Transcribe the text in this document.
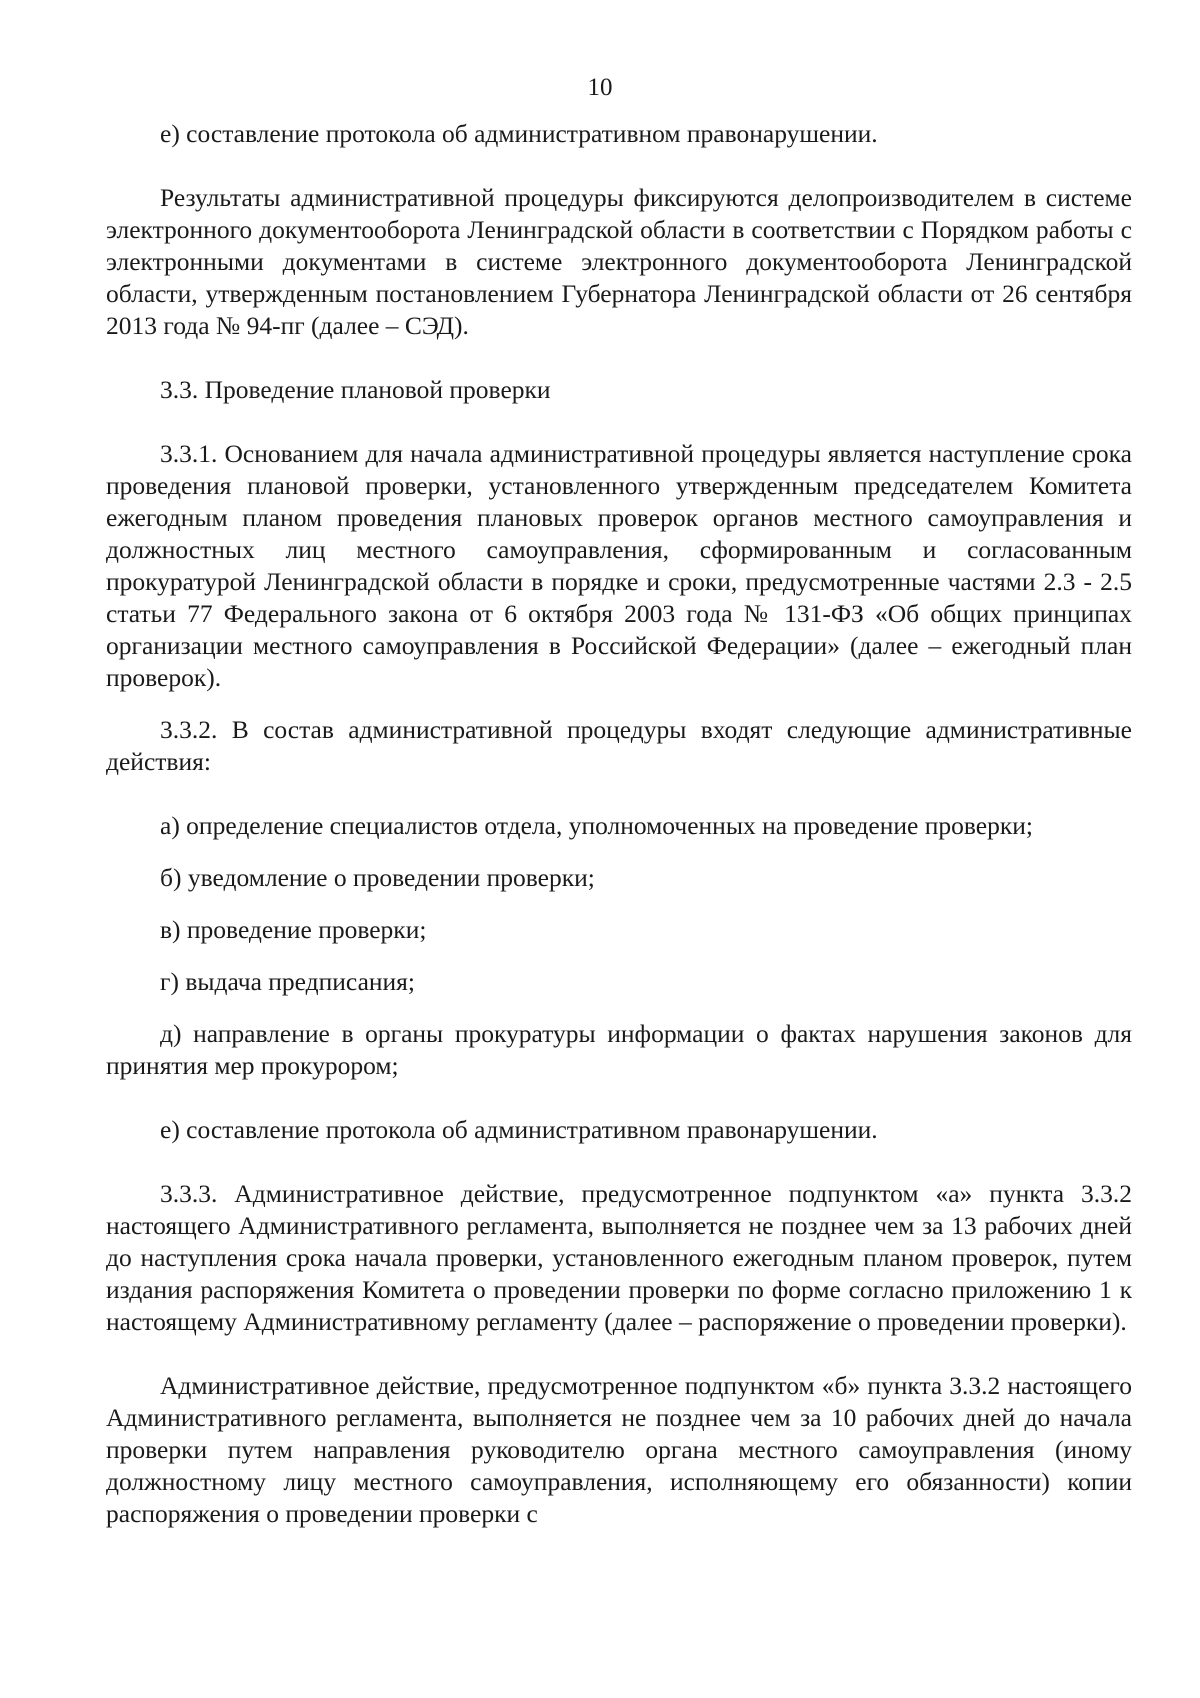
10

е) составление протокола об административном правонарушении.

Результаты административной процедуры фиксируются делопроизводителем в системе электронного документооборота Ленинградской области в соответствии с Порядком работы с электронными документами в системе электронного документооборота Ленинградской области, утвержденным постановлением Губернатора Ленинградской области от 26 сентября 2013 года № 94-пг (далее – СЭД).

3.3. Проведение плановой проверки

3.3.1. Основанием для начала административной процедуры является наступление срока проведения плановой проверки, установленного утвержденным председателем Комитета ежегодным планом проведения плановых проверок органов местного самоуправления и должностных лиц местного самоуправления, сформированным и согласованным прокуратурой Ленинградской области в порядке и сроки, предусмотренные частями 2.3 - 2.5 статьи 77 Федерального закона от 6 октября 2003 года № 131-ФЗ «Об общих принципах организации местного самоуправления в Российской Федерации» (далее – ежегодный план проверок).

3.3.2. В состав административной процедуры входят следующие административные действия:

а) определение специалистов отдела, уполномоченных на проведение проверки;

б) уведомление о проведении проверки;

в) проведение проверки;

г) выдача предписания;

д) направление в органы прокуратуры информации о фактах нарушения законов для принятия мер прокурором;

е) составление протокола об административном правонарушении.

3.3.3. Административное действие, предусмотренное подпунктом «а» пункта 3.3.2 настоящего Административного регламента, выполняется не позднее чем за 13 рабочих дней до наступления срока начала проверки, установленного ежегодным планом проверок, путем издания распоряжения Комитета о проведении проверки по форме согласно приложению 1 к настоящему Административному регламенту (далее – распоряжение о проведении проверки).

Административное действие, предусмотренное подпунктом «б» пункта 3.3.2 настоящего Административного регламента, выполняется не позднее чем за 10 рабочих дней до начала проверки путем направления руководителю органа местного самоуправления (иному должностному лицу местного самоуправления, исполняющему его обязанности) копии распоряжения о проведении проверки с
